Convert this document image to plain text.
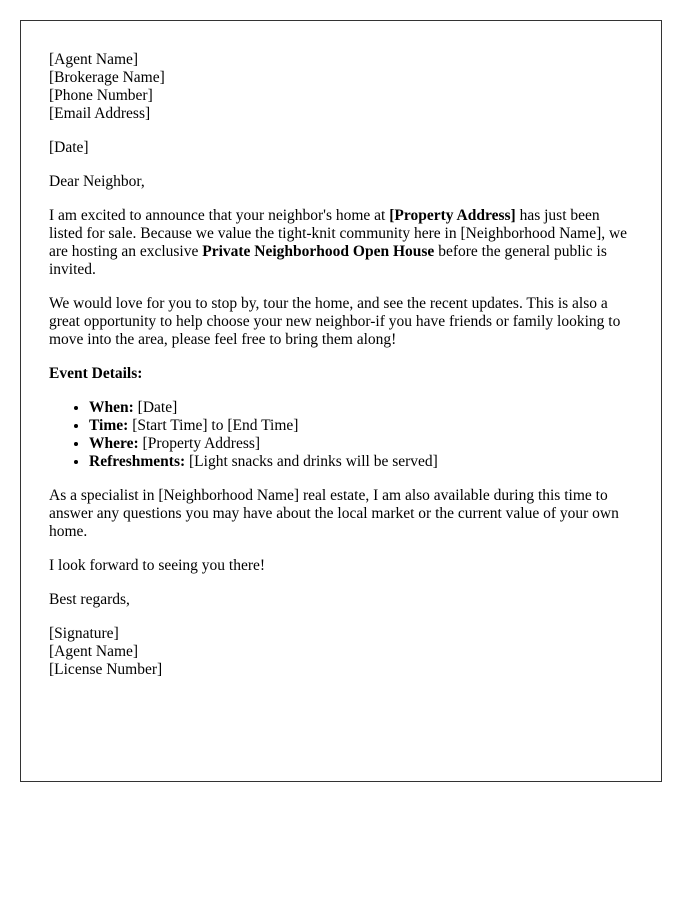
[Agent Name]
[Brokerage Name]
[Phone Number]
[Email Address]

[Date]

Dear Neighbor,

I am excited to announce that your neighbor's home at [Property Address] has just been listed for sale. Because we value the tight-knit community here in [Neighborhood Name], we are hosting an exclusive Private Neighborhood Open House before the general public is invited.

We would love for you to stop by, tour the home, and see the recent updates. This is also a great opportunity to help choose your new neighbor-if you have friends or family looking to move into the area, please feel free to bring them along!

Event Details:
• When: [Date]
• Time: [Start Time] to [End Time]
• Where: [Property Address]
• Refreshments: [Light snacks and drinks will be served]

As a specialist in [Neighborhood Name] real estate, I am also available during this time to answer any questions you may have about the local market or the current value of your own home.

I look forward to seeing you there!

Best regards,

[Signature]
[Agent Name]
[License Number]
